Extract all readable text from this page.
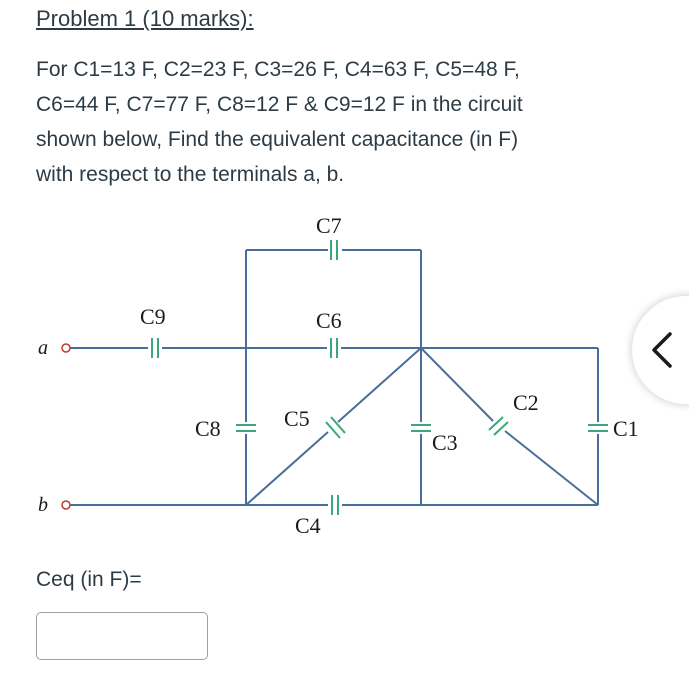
Problem 1 (10 marks):
For C1=13 F, C2=23 F, C3=26 F, C4=63 F, C5=48 F,
C6=44 F, C7=77 F, C8=12 F & C9=12 F in the circuit
shown below, Find the equivalent capacitance (in F)
with respect to the terminals a, b.
a
b
C9	C6
C7
C8	C5
C3
C2
C1
C4
Ceq (in F)=
